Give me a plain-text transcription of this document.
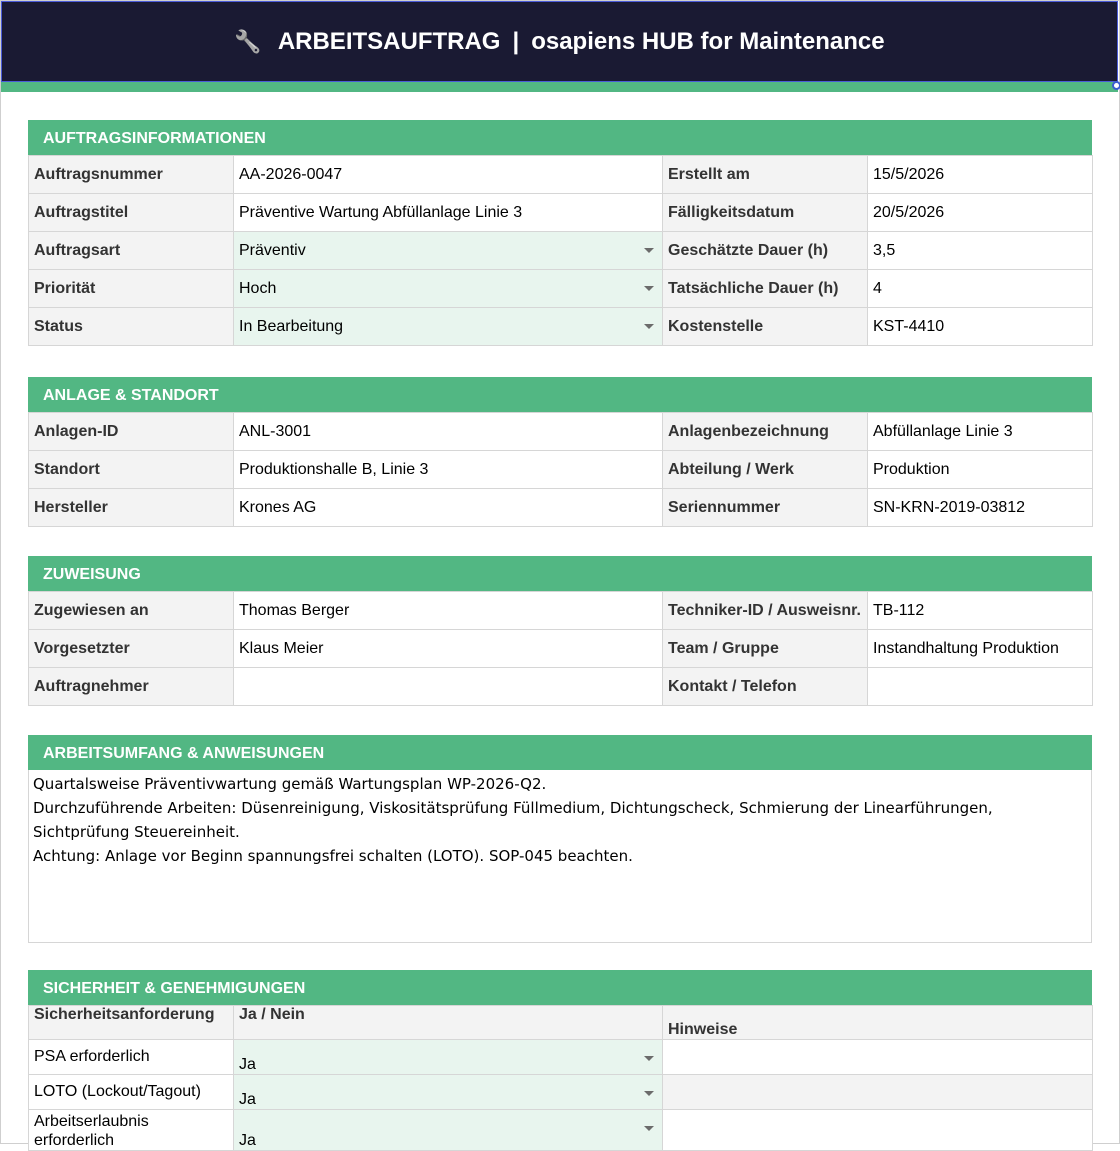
🔧 ARBEITSAUFTRAG | osapiens HUB for Maintenance
AUFTRAGSINFORMATIONEN
Auftragsnummer	AA-2026-0047	Erstellt am	15/5/2026
Auftragstitel	Präventive Wartung Abfüllanlage Linie 3	Fälligkeitsdatum	20/5/2026
Auftragsart	Präventiv	Geschätzte Dauer (h)	3,5
Priorität	Hoch	Tatsächliche Dauer (h)	4
Status	In Bearbeitung	Kostenstelle	KST-4410
ANLAGE & STANDORT
Anlagen-ID	ANL-3001	Anlagenbezeichnung	Abfüllanlage Linie 3
Standort	Produktionshalle B, Linie 3	Abteilung / Werk	Produktion
Hersteller	Krones AG	Seriennummer	SN-KRN-2019-03812
ZUWEISUNG
Zugewiesen an	Thomas Berger	Techniker-ID / Ausweisnr.	TB-112
Vorgesetzter	Klaus Meier	Team / Gruppe	Instandhaltung Produktion
Auftragnehmer		Kontakt / Telefon	
ARBEITSUMFANG & ANWEISUNGEN
Quartalsweise Präventivwartung gemäß Wartungsplan WP-2026-Q2.
Durchzuführende Arbeiten: Düsenreinigung, Viskositätsprüfung Füllmedium, Dichtungscheck, Schmierung der Linearführungen,
Sichtprüfung Steuereinheit.
Achtung: Anlage vor Beginn spannungsfrei schalten (LOTO). SOP-045 beachten.
SICHERHEIT & GENEHMIGUNGEN
Sicherheitsanforderung	Ja / Nein	Hinweise
PSA erforderlich	Ja

LOTO (Lockout/Tagout)	Ja

Arbeitserlaubnis erforderlich	Ja
